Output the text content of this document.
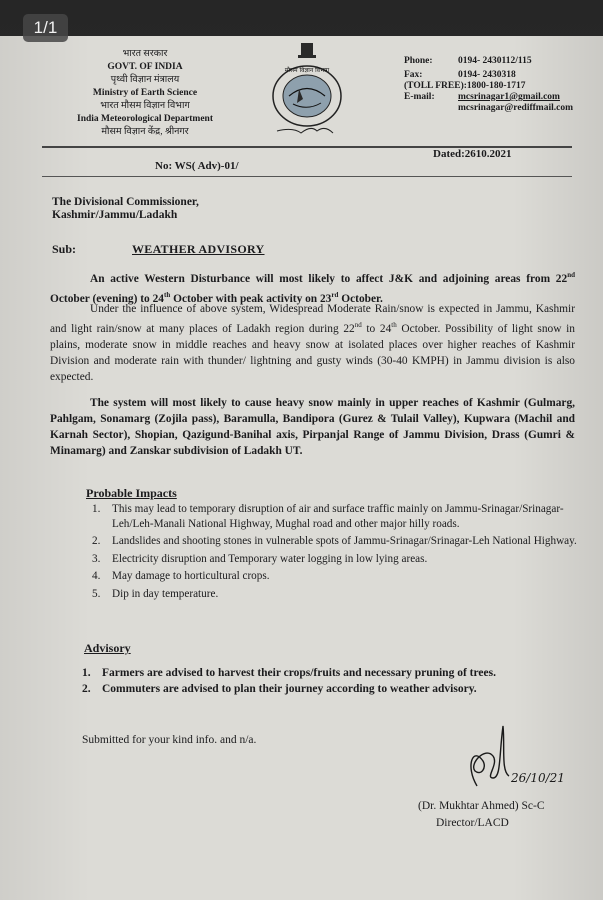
1/1
भारत सरकार
GOVT. OF INDIA
पृथ्वी विज्ञान मंत्रालय
Ministry of Earth Science
भारत मौसम विज्ञान विभाग
India Meteorological Department
मौसम विज्ञान केंद्र, श्रीनगर
मौसम विज्ञान विभाग
Phone:	0194- 2430112/115
Fax:	0194- 2430318
(TOLL FREE):1800-180-1717
E-mail:	mcsrinagar1@gmail.com
mcsrinagar@rediffmail.com
No: WS( Adv)-01/
Dated:2610.2021
The Divisional Commissioner,
Kashmir/Jammu/Ladakh
Sub:	WEATHER ADVISORY
An active Western Disturbance will most likely to affect J&K and adjoining areas from 22nd October (evening) to 24th October with peak activity on 23rd October.
Under the influence of above system, Widespread Moderate Rain/snow is expected in Jammu, Kashmir and light rain/snow at many places of Ladakh region during 22nd to 24th October. Possibility of light snow in plains, moderate snow in middle reaches and heavy snow at isolated places over higher reaches of Kashmir Division and moderate rain with thunder/ lightning and gusty winds (30-40 KMPH) in Jammu division is also expected.
The system will most likely to cause heavy snow mainly in upper reaches of Kashmir (Gulmarg, Pahlgam, Sonamarg (Zojila pass), Baramulla, Bandipora (Gurez & Tulail Valley), Kupwara (Machil and Karnah Sector), Shopian, Qazigund-Banihal axis, Pirpanjal Range of Jammu Division, Drass (Gumri & Minamarg) and Zanskar subdivision of Ladakh UT.
Probable Impacts
1. This may lead to temporary disruption of air and surface traffic mainly on Jammu-Srinagar/Srinagar-Leh/Leh-Manali National Highway, Mughal road and other major hilly roads.
2. Landslides and shooting stones in vulnerable spots of Jammu-Srinagar/Srinagar-Leh National Highway.
3. Electricity disruption and Temporary water logging in low lying areas.
4. May damage to horticultural crops.
5. Dip in day temperature.
Advisory
1. Farmers are advised to harvest their crops/fruits and necessary pruning of trees.
2. Commuters are advised to plan their journey according to weather advisory.
Submitted for your kind info. and n/a.
26/10/21
(Dr. Mukhtar Ahmed) Sc-C
Director/LACD
